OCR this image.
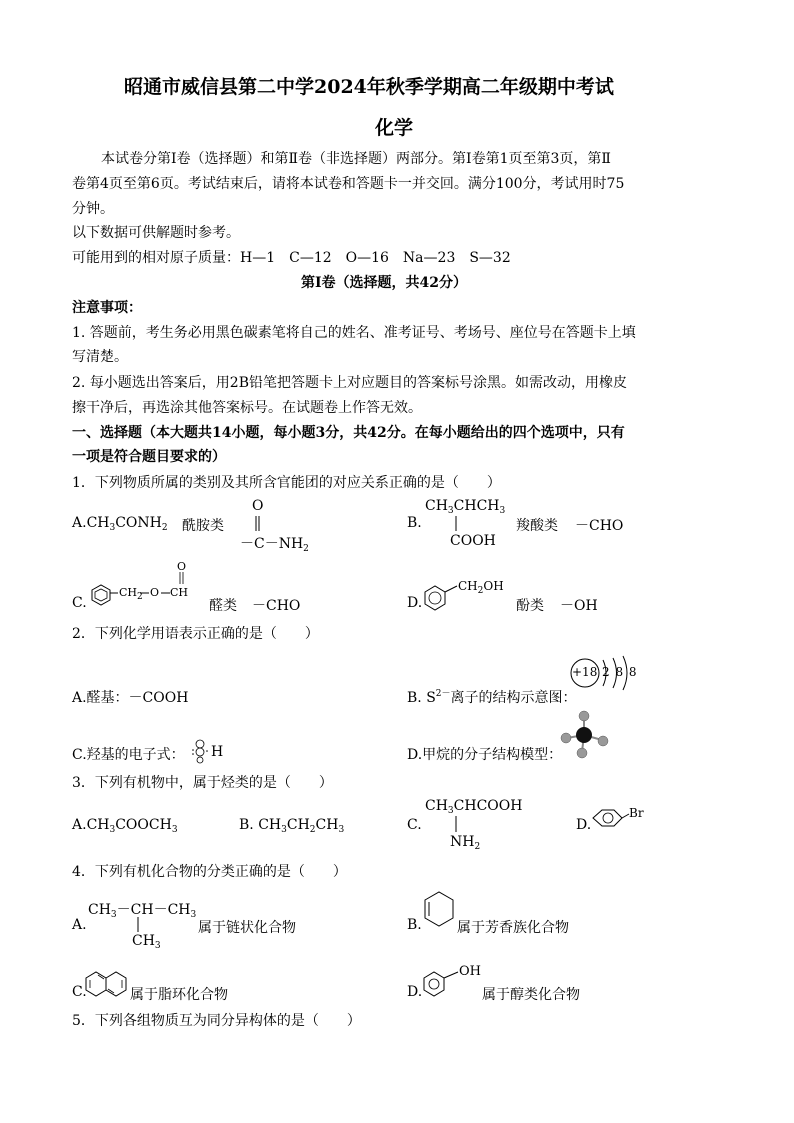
昭通市威信县第二中学2024年秋季学期高二年级期中考试
化学
本试卷分第Ⅰ卷（选择题）和第Ⅱ卷（非选择题）两部分。第Ⅰ卷第1页至第3页，第Ⅱ
卷第4页至第6页。考试结束后，请将本试卷和答题卡一并交回。满分100分，考试用时75
分钟。
以下数据可供解题时参考。
可能用到的相对原子质量：H—1　C—12　O—16　Na—23　S—32
第Ⅰ卷（选择题，共42分）
注意事项：
1. 答题前，考生务必用黑色碳素笔将自己的姓名、准考证号、考场号、座位号在答题卡上填
写清楚。
2. 每小题选出答案后，用2B铅笔把答题卡上对应题目的答案标号涂黑。如需改动，用橡皮
擦干净后，再选涂其他答案标号。在试题卷上作答无效。
一、选择题（本大题共14小题，每小题3分，共42分。在每小题给出的四个选项中，只有
一项是符合题目要求的）
1．下列物质所属的类别及其所含官能团的对应关系正确的是（　　）
$A.CH_3CONH_2$ 酰胺类
O
$-C-NH_2$
B.
$CH_3CHCH_3$
COOH
羧酸类 －CHO
C.
$CH_2$ O CH
O
醛类 －CHO	D.
$CH_2OH$
酚类 －OH
2．下列化学用语表示正确的是（　　）
A.醛基：－COOH	B. $S^{2-}$离子的结构示意图：
+18 2 8 8
C.羟基的电子式： H	D.甲烷的分子结构模型：
3．下列有机物中，属于烃类的是（　　）
$A.CH_3COOCH_3$	B. $CH_3CH_2CH_3$	C.
$CH_3CHCOOH$
$NH_2$
D.
Br
4．下列有机化合物的分类正确的是（　　）
A.
$CH_3-CH-CH_3$
$CH_3$
属于链状化合物	B.	属于芳香族化合物
C.	属于脂环化合物	D.
OH
属于醇类化合物
5．下列各组物质互为同分异构体的是（　　）
